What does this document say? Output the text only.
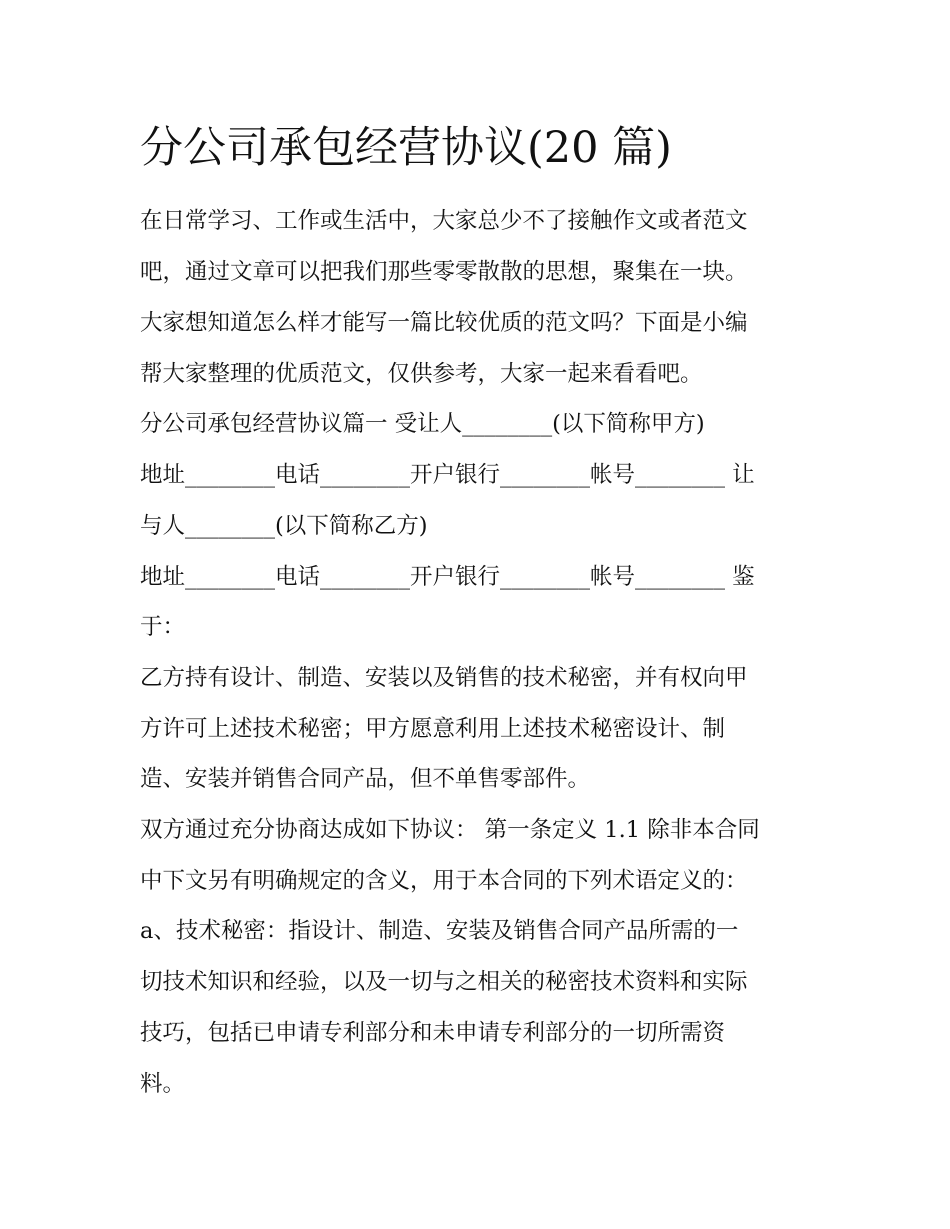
分公司承包经营协议(20 篇)
在日常学习、工作或生活中，大家总少不了接触作文或者范文
吧，通过文章可以把我们那些零零散散的思想，聚集在一块。
大家想知道怎么样才能写一篇比较优质的范文吗？下面是小编
帮大家整理的优质范文，仅供参考，大家一起来看看吧。
分公司承包经营协议篇一 受让人________(以下简称甲方)
地址________电话________开户银行________帐号________ 让
与人________(以下简称乙方)
地址________电话________开户银行________帐号________ 鉴
于：
乙方持有设计、制造、安装以及销售的技术秘密，并有权向甲
方许可上述技术秘密；甲方愿意利用上述技术秘密设计、制
造、安装并销售合同产品，但不单售零部件。
双方通过充分协商达成如下协议： 第一条定义 1.1 除非本合同
中下文另有明确规定的含义，用于本合同的下列术语定义的：
a、技术秘密：指设计、制造、安装及销售合同产品所需的一
切技术知识和经验，以及一切与之相关的秘密技术资料和实际
技巧，包括已申请专利部分和未申请专利部分的一切所需资
料。
